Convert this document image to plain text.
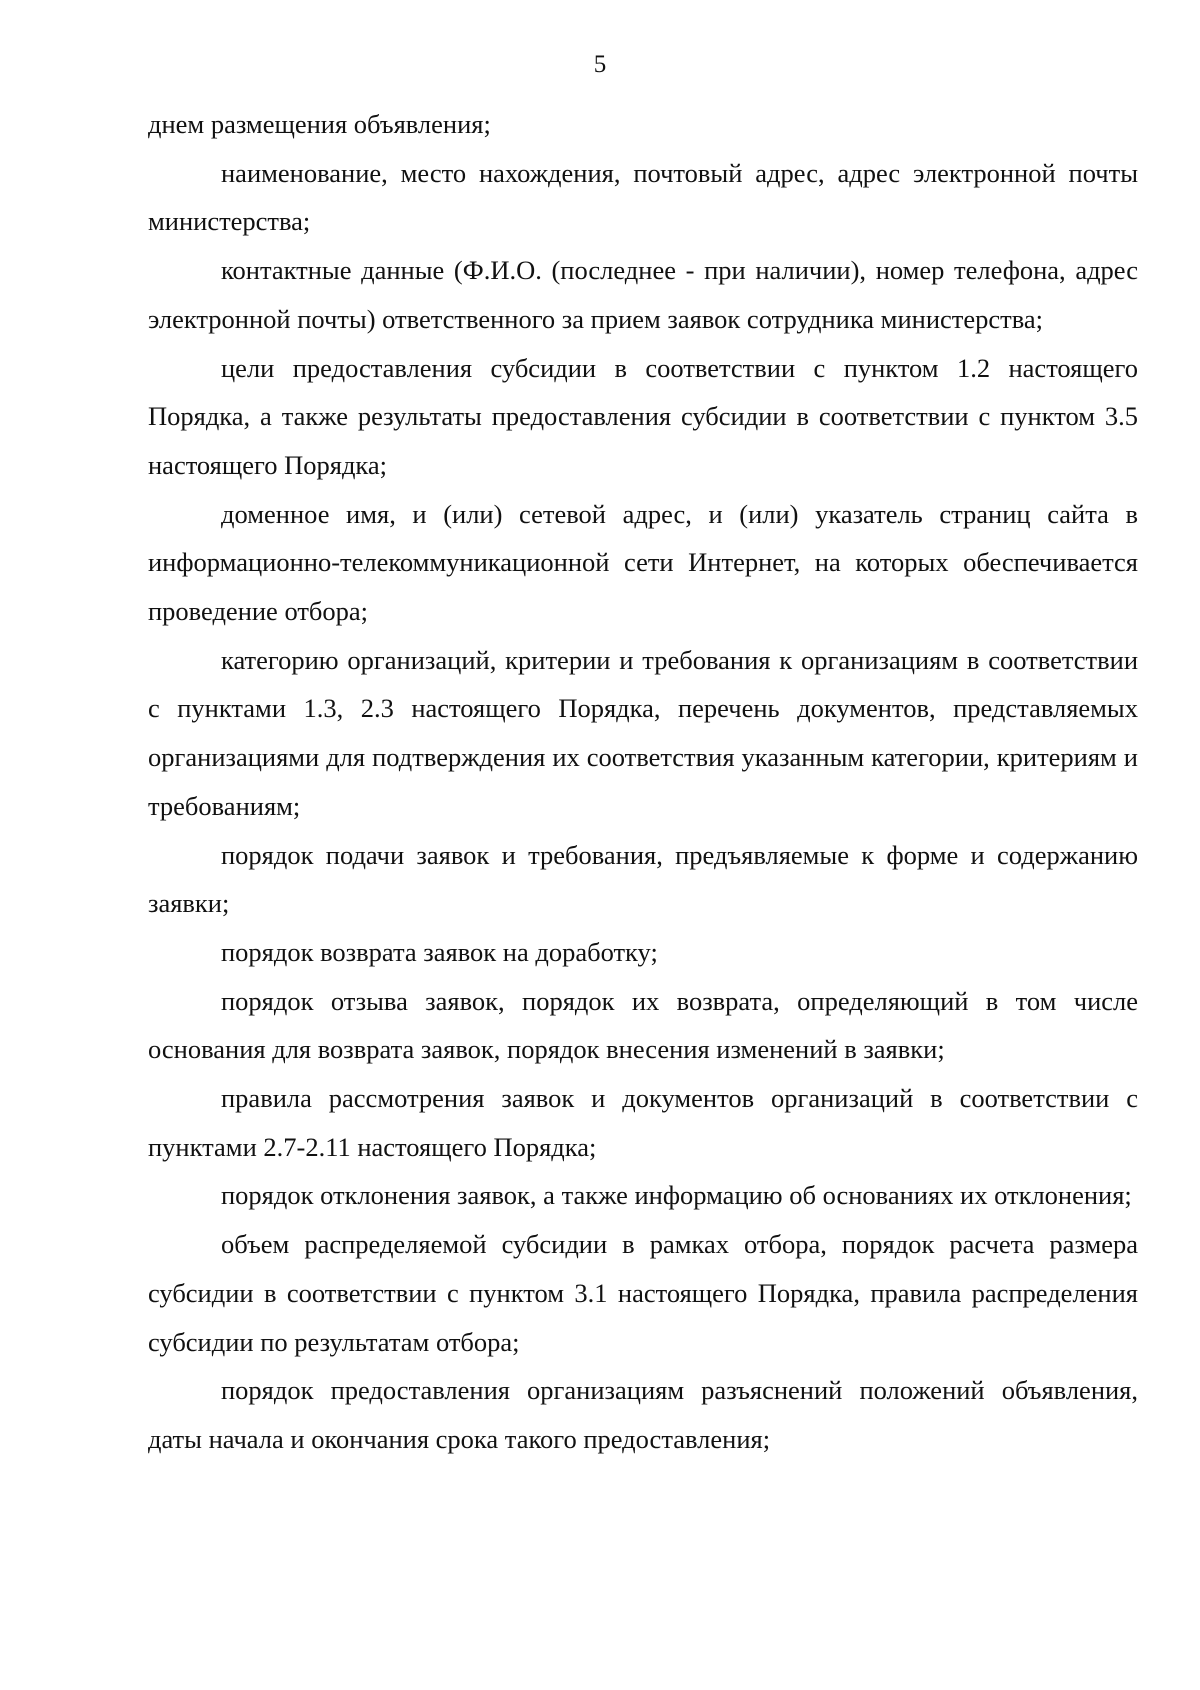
5

днем размещения объявления;

наименование, место нахождения, почтовый адрес, адрес электронной почты министерства;

контактные данные (Ф.И.О. (последнее - при наличии), номер телефона, адрес электронной почты) ответственного за прием заявок сотрудника министерства;

цели предоставления субсидии в соответствии с пунктом 1.2 настоящего Порядка, а также результаты предоставления субсидии в соответствии с пунктом 3.5 настоящего Порядка;

доменное имя, и (или) сетевой адрес, и (или) указатель страниц сайта в информационно-телекоммуникационной сети Интернет, на которых обеспечивается проведение отбора;

категорию организаций, критерии и требования к организациям в соответствии с пунктами 1.3, 2.3 настоящего Порядка, перечень документов, представляемых организациями для подтверждения их соответствия указанным категории, критериям и требованиям;

порядок подачи заявок и требования, предъявляемые к форме и содержанию заявки;

порядок возврата заявок на доработку;

порядок отзыва заявок, порядок их возврата, определяющий в том числе основания для возврата заявок, порядок внесения изменений в заявки;

правила рассмотрения заявок и документов организаций в соответствии с пунктами 2.7-2.11 настоящего Порядка;

порядок отклонения заявок, а также информацию об основаниях их отклонения;

объем распределяемой субсидии в рамках отбора, порядок расчета размера субсидии в соответствии с пунктом 3.1 настоящего Порядка, правила распределения субсидии по результатам отбора;

порядок предоставления организациям разъяснений положений объявления, даты начала и окончания срока такого предоставления;
